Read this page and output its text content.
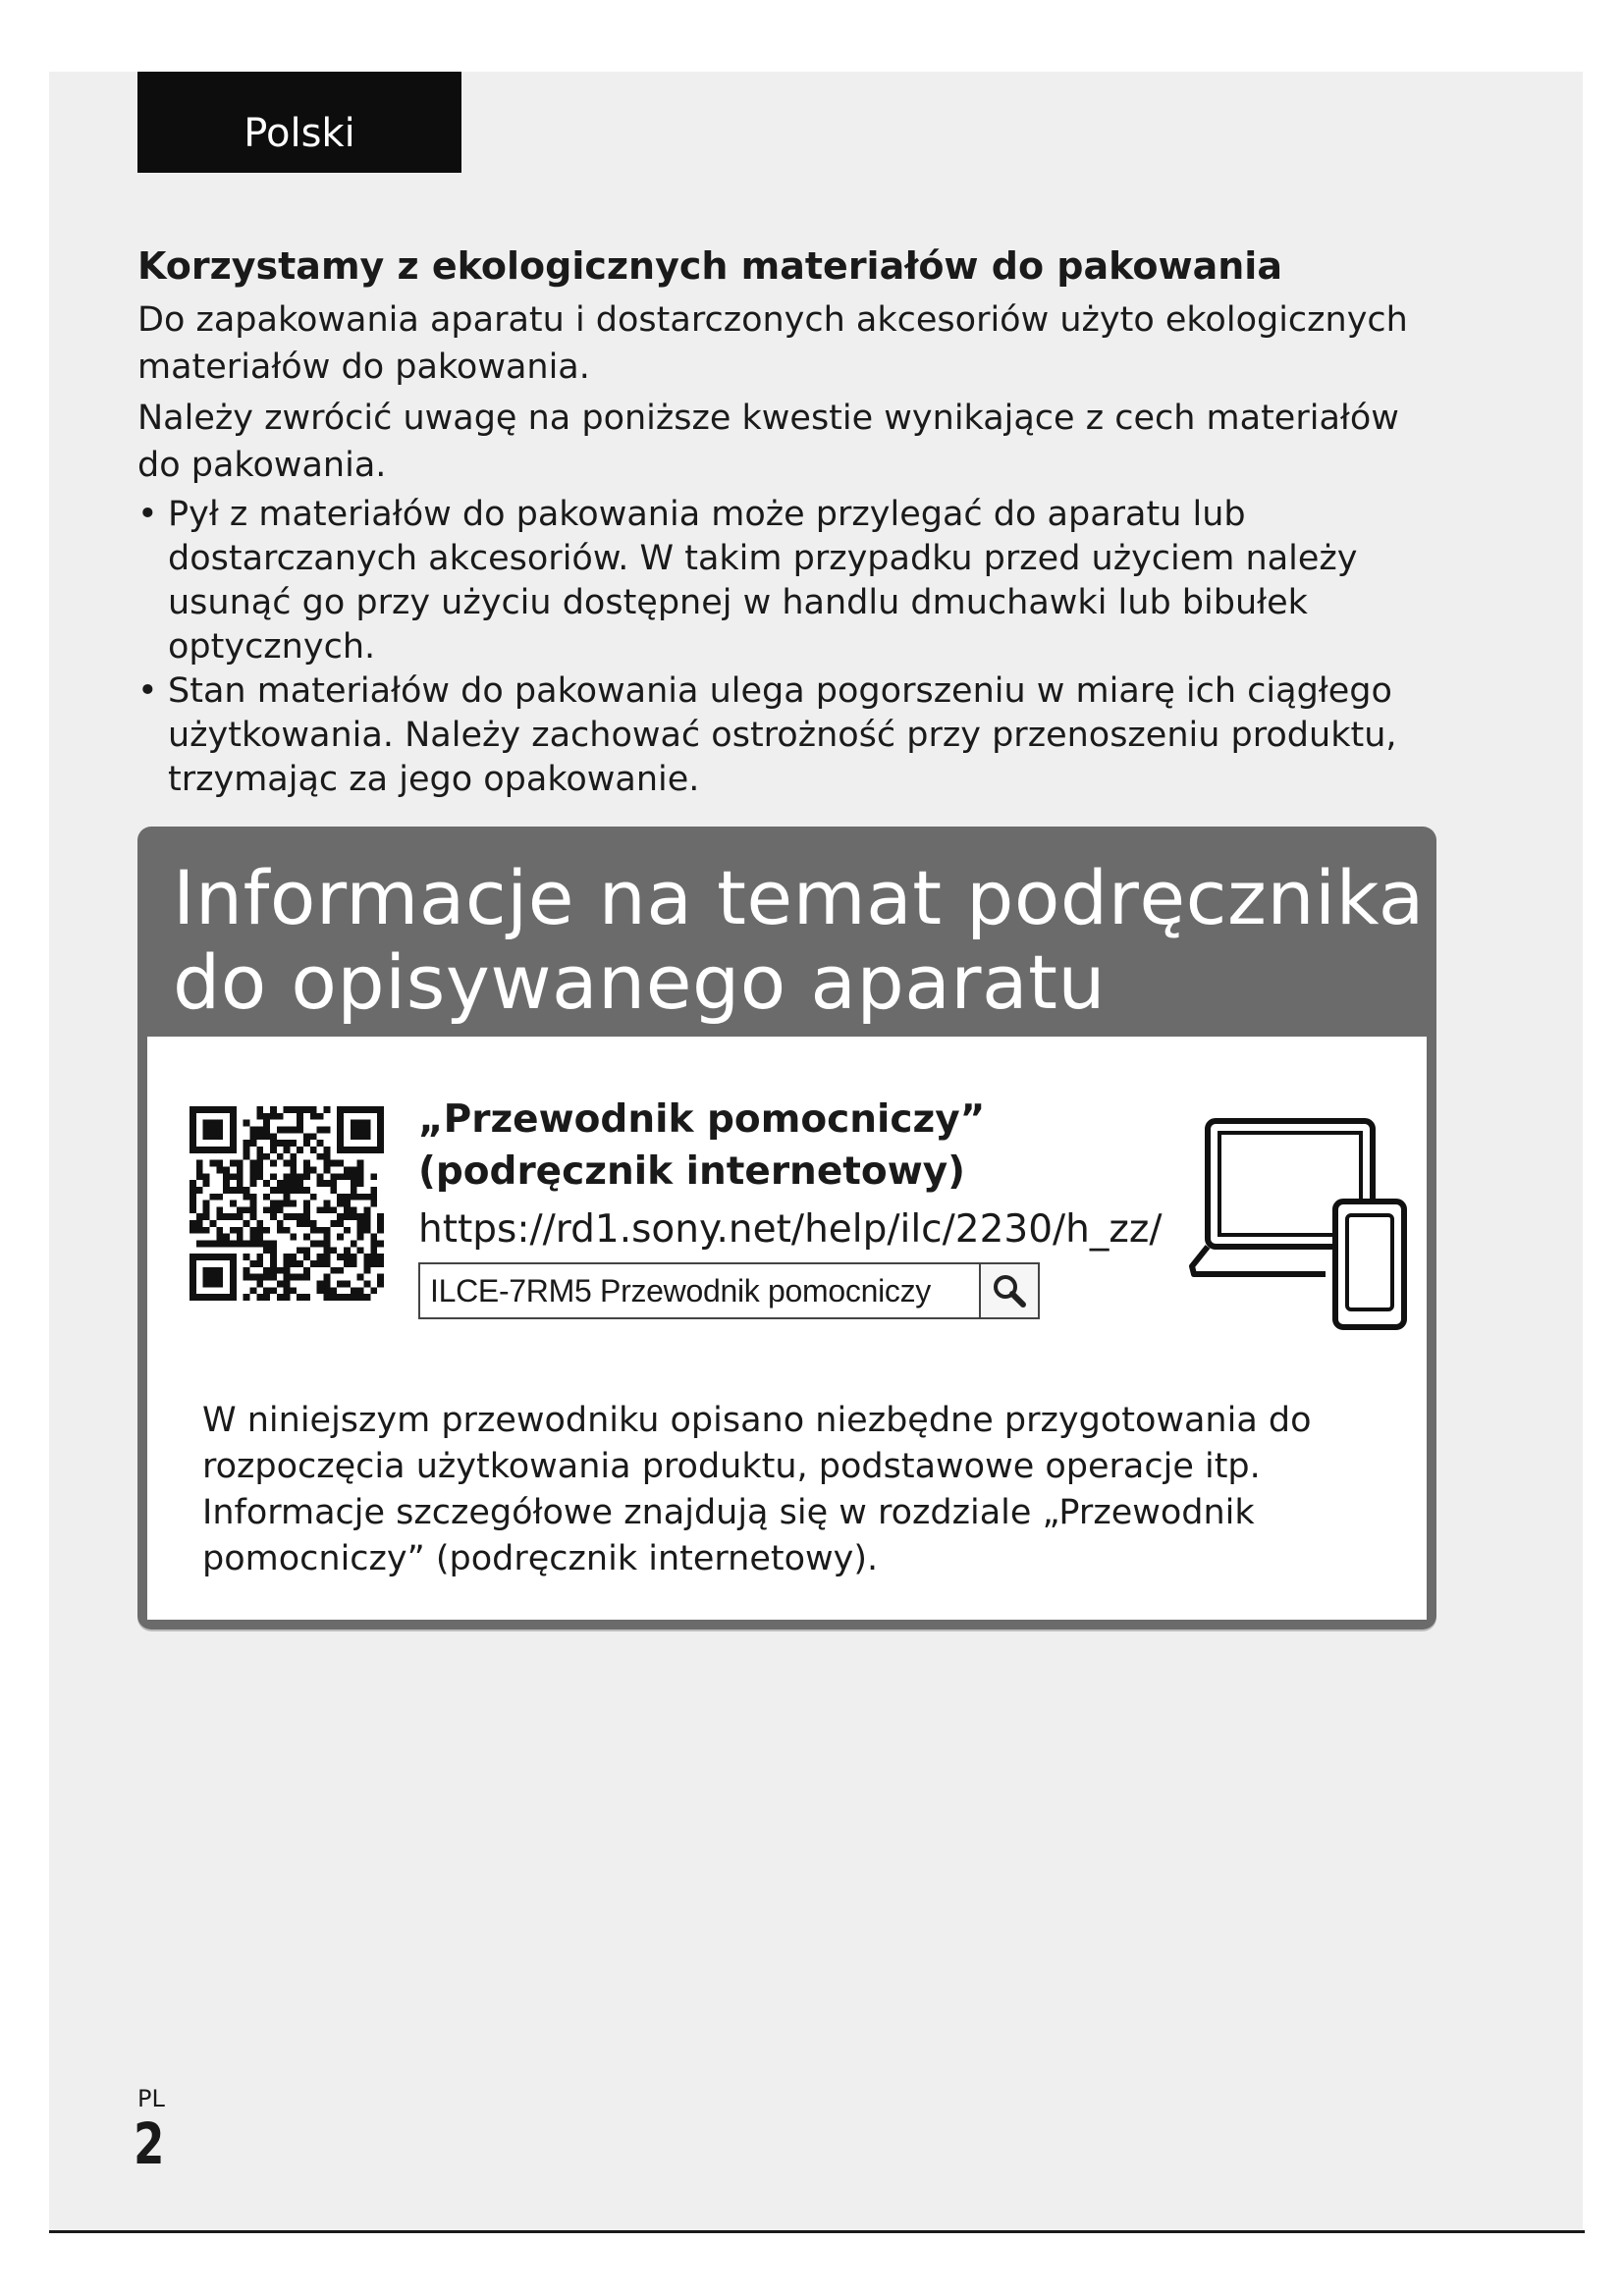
Polski
Korzystamy z ekologicznych materiałów do pakowania

Do zapakowania aparatu i dostarczonych akcesoriów użyto ekologicznych materiałów do pakowania.

Należy zwrócić uwagę na poniższe kwestie wynikające z cech materiałów do pakowania.

• Pył z materiałów do pakowania może przylegać do aparatu lub dostarczanych akcesoriów. W takim przypadku przed użyciem należy usunąć go przy użyciu dostępnej w handlu dmuchawki lub bibułek optycznych.
• Stan materiałów do pakowania ulega pogorszeniu w miarę ich ciągłego użytkowania. Należy zachować ostrożność przy przenoszeniu produktu, trzymając za jego opakowanie.
Informacje na temat podręcznika
do opisywanego aparatu
„Przewodnik pomocniczy” (podręcznik internetowy)
https://rd1.sony.net/help/ilc/2230/h_zz/
ILCE-7RM5 Przewodnik pomocniczy

W niniejszym przewodniku opisano niezbędne przygotowania do rozpoczęcia użytkowania produktu, podstawowe operacje itp. Informacje szczegółowe znajdują się w rozdziale „Przewodnik pomocniczy” (podręcznik internetowy).

PL
2
